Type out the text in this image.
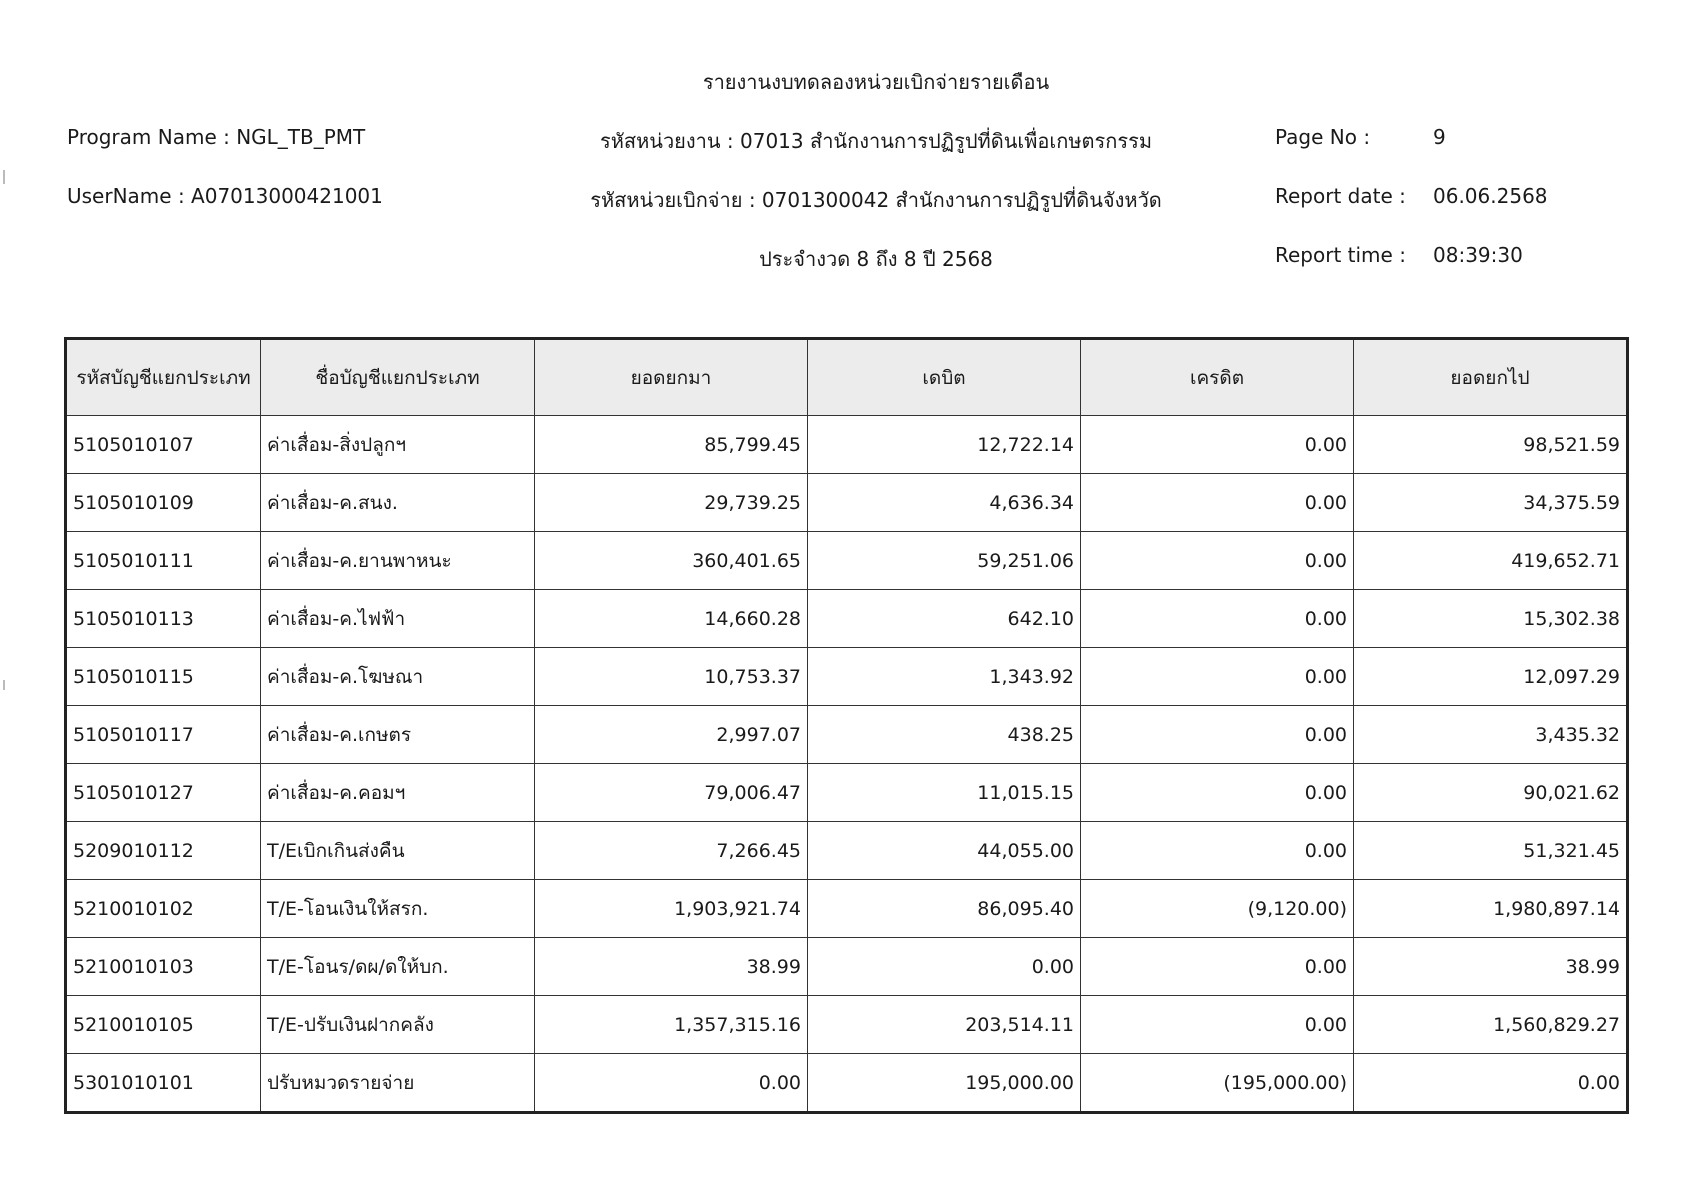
รายงานงบทดลองหน่วยเบิกจ่ายรายเดือน
Program Name : NGL_TB_PMT
UserName : A07013000421001
รหัสหน่วยงาน : 07013 สำนักงานการปฏิรูปที่ดินเพื่อเกษตรกรรม
รหัสหน่วยเบิกจ่าย : 0701300042 สำนักงานการปฏิรูปที่ดินจังหวัด
ประจำงวด 8 ถึง 8 ปี 2568
Page No :	9
Report date : 06.06.2568
Report time : 08:39:30
รหัสบัญชีแยกประเภท	ชื่อบัญชีแยกประเภท	ยอดยกมา	เดบิต	เครดิต	ยอดยกไป
5105010107	ค่าเสื่อม-สิ่งปลูกฯ	85,799.45	12,722.14	0.00	98,521.59
5105010109	ค่าเสื่อม-ค.สนง.	29,739.25	4,636.34	0.00	34,375.59
5105010111	ค่าเสื่อม-ค.ยานพาหนะ	360,401.65	59,251.06	0.00	419,652.71
5105010113	ค่าเสื่อม-ค.ไฟฟ้า	14,660.28	642.10	0.00	15,302.38
5105010115	ค่าเสื่อม-ค.โฆษณา	10,753.37	1,343.92	0.00	12,097.29
5105010117	ค่าเสื่อม-ค.เกษตร	2,997.07	438.25	0.00	3,435.32
5105010127	ค่าเสื่อม-ค.คอมฯ	79,006.47	11,015.15	0.00	90,021.62
5209010112	T/Eเบิกเกินส่งคืน	7,266.45	44,055.00	0.00	51,321.45
5210010102	T/E-โอนเงินให้สรก.	1,903,921.74	86,095.40	(9,120.00)	1,980,897.14
5210010103	T/E-โอนร/ดผ/ดให้บก.	38.99	0.00	0.00	38.99
5210010105	T/E-ปรับเงินฝากคลัง	1,357,315.16	203,514.11	0.00	1,560,829.27
5301010101	ปรับหมวดรายจ่าย	0.00	195,000.00	(195,000.00)	0.00
